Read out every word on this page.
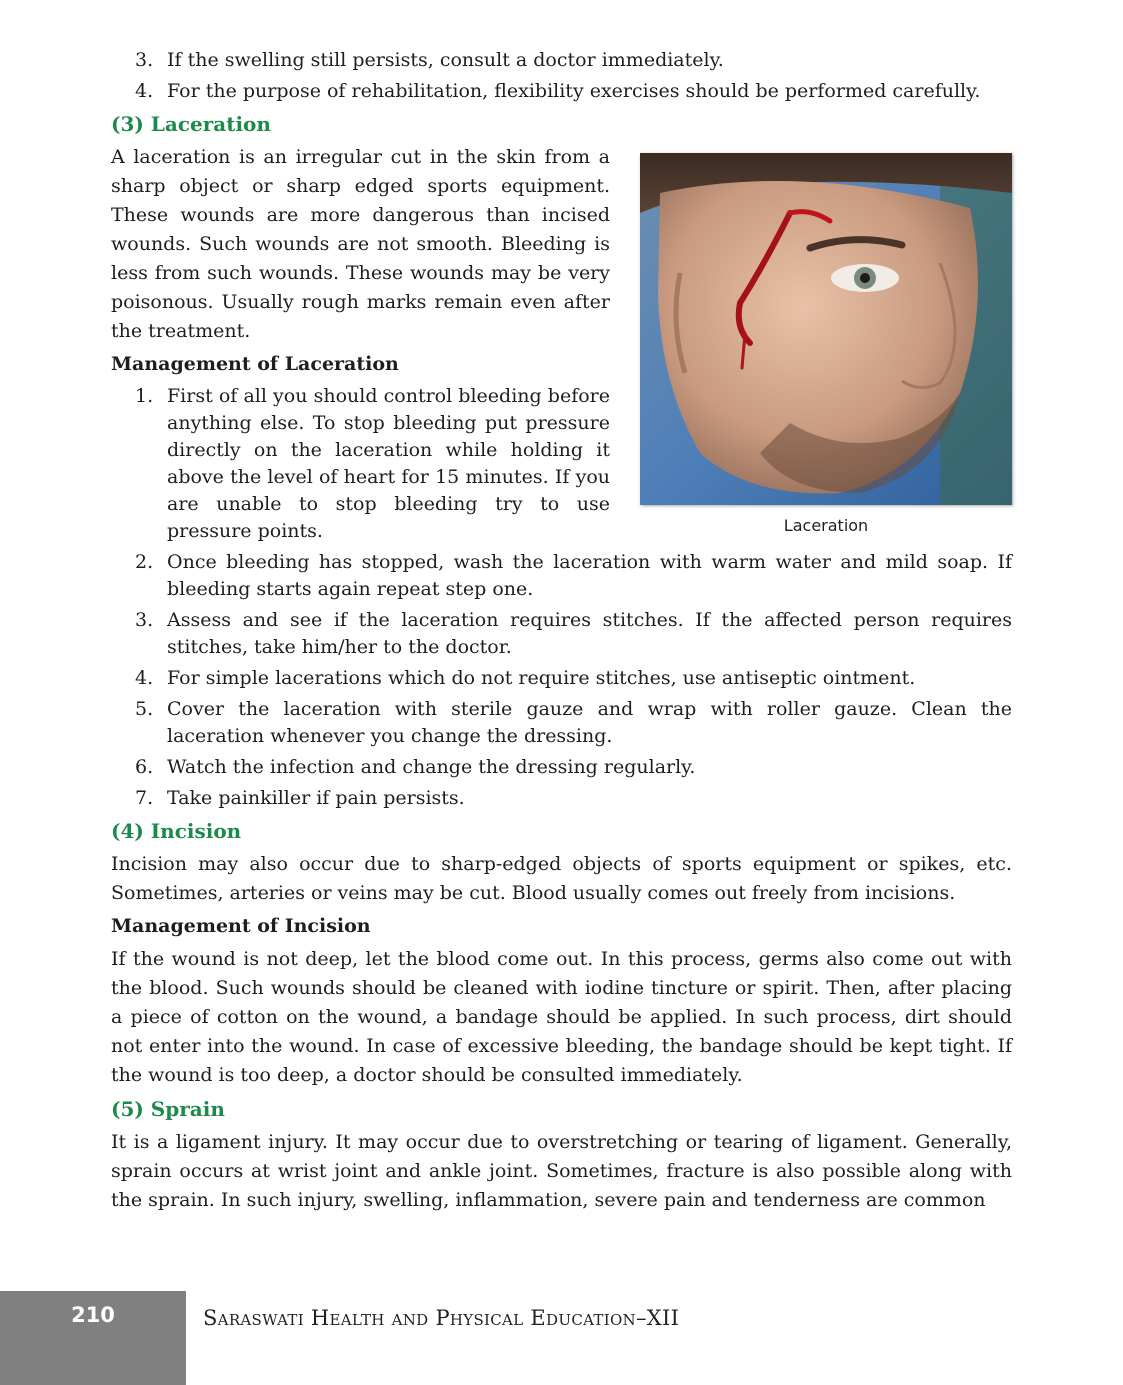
3. If the swelling still persists, consult a doctor immediately.
4. For the purpose of rehabilitation, flexibility exercises should be performed carefully.
(3) Laceration
Laceration

A laceration is an irregular cut in the skin from a sharp object or sharp edged sports equipment. These wounds are more dangerous than incised wounds. Such wounds are not smooth. Bleeding is less from such wounds. These wounds may be very poisonous. Usually rough marks remain even after the treatment.

Management of Laceration
1. First of all you should control bleeding before anything else. To stop bleeding put pressure directly on the laceration while holding it above the level of heart for 15 minutes. If you are unable to stop bleeding try to use pressure points.
2. Once bleeding has stopped, wash the laceration with warm water and mild soap. If bleeding starts again repeat step one.
3. Assess and see if the laceration requires stitches. If the affected person requires stitches, take him/her to the doctor.
4. For simple lacerations which do not require stitches, use antiseptic ointment.
5. Cover the laceration with sterile gauze and wrap with roller gauze. Clean the laceration whenever you change the dressing.
6. Watch the infection and change the dressing regularly.
7. Take painkiller if pain persists.
(4) Incision

Incision may also occur due to sharp-edged objects of sports equipment or spikes, etc. Sometimes, arteries or veins may be cut. Blood usually comes out freely from incisions.

Management of Incision

If the wound is not deep, let the blood come out. In this process, germs also come out with the blood. Such wounds should be cleaned with iodine tincture or spirit. Then, after placing a piece of cotton on the wound, a bandage should be applied. In such process, dirt should not enter into the wound. In case of excessive bleeding, the bandage should be kept tight. If the wound is too deep, a doctor should be consulted immediately.

(5) Sprain

It is a ligament injury. It may occur due to overstretching or tearing of ligament. Generally, sprain occurs at wrist joint and ankle joint. Sometimes, fracture is also possible along with the sprain. In such injury, swelling, inflammation, severe pain and tenderness are common

210	Saraswati Health and Physical Education–XII
